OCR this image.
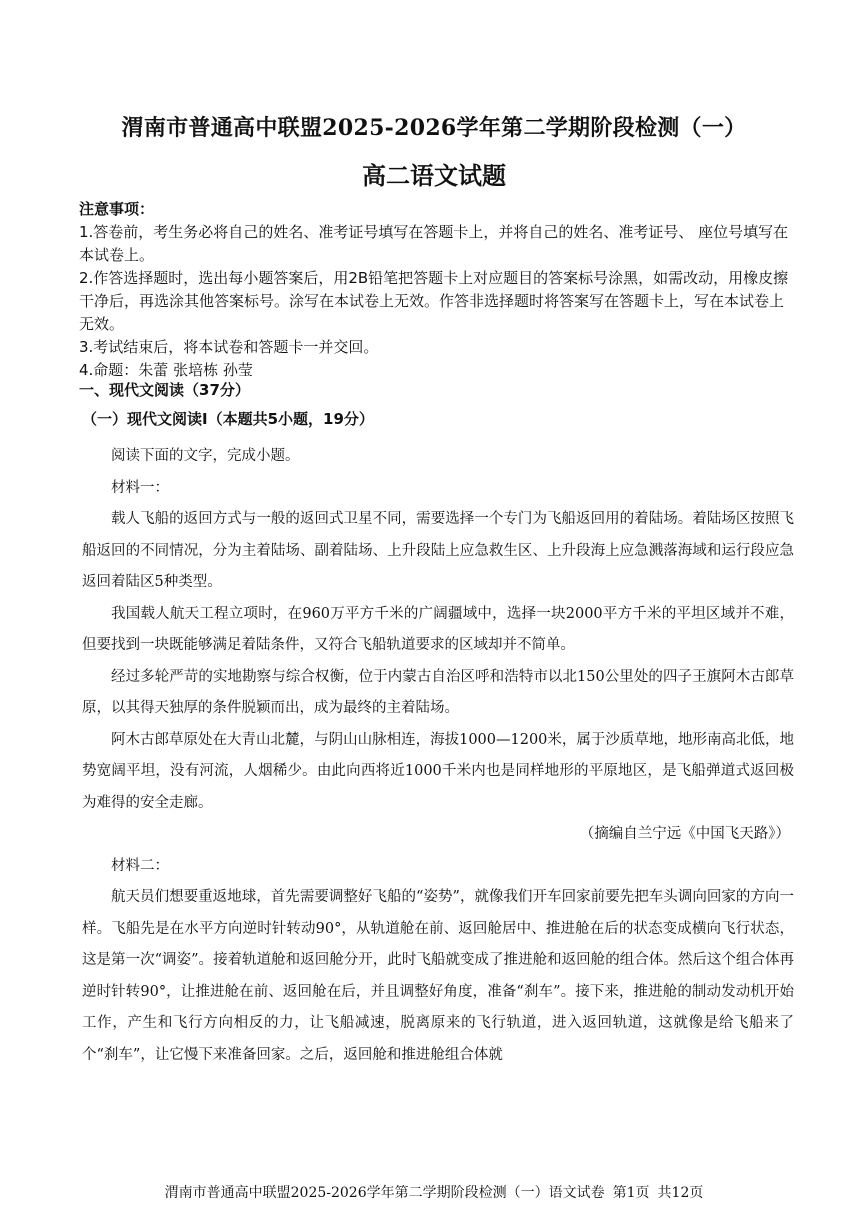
渭南市普通高中联盟2025-2026学年第二学期阶段检测（一）
高二语文试题

注意事项：

1.答卷前，考生务必将自己的姓名、准考证号填写在答题卡上，并将自己的姓名、准考证号、 座位号填写在本试卷上。

2.作答选择题时，选出每小题答案后，用2B铅笔把答题卡上对应题目的答案标号涂黑，如需改动，用橡皮擦干净后，再选涂其他答案标号。涂写在本试卷上无效。作答非选择题时将答案写在答题卡上，写在本试卷上无效。

3.考试结束后，将本试卷和答题卡一并交回。

4.命题：朱蕾 张培栋 孙莹

一、现代文阅读（37分）
（一）现代文阅读Ⅰ（本题共5小题，19分）

阅读下面的文字，完成小题。

材料一：

载人飞船的返回方式与一般的返回式卫星不同，需要选择一个专门为飞船返回用的着陆场。着陆场区按照飞船返回的不同情况，分为主着陆场、副着陆场、上升段陆上应急救生区、上升段海上应急溅落海域和运行段应急返回着陆区5种类型。

我国载人航天工程立项时，在960万平方千米的广阔疆域中，选择一块2000平方千米的平坦区域并不难，但要找到一块既能够满足着陆条件，又符合飞船轨道要求的区域却并不简单。

经过多轮严苛的实地勘察与综合权衡，位于内蒙古自治区呼和浩特市以北150公里处的四子王旗阿木古郎草原，以其得天独厚的条件脱颖而出，成为最终的主着陆场。

阿木古郎草原处在大青山北麓，与阴山山脉相连，海拔1000—1200米，属于沙质草地，地形南高北低，地势宽阔平坦，没有河流，人烟稀少。由此向西将近1000千米内也是同样地形的平原地区，是飞船弹道式返回极为难得的安全走廊。

（摘编自兰宁远《中国飞天路》）

材料二：

航天员们想要重返地球，首先需要调整好飞船的“姿势”，就像我们开车回家前要先把车头调向回家的方向一样。飞船先是在水平方向逆时针转动90°，从轨道舱在前、返回舱居中、推进舱在后的状态变成横向飞行状态，这是第一次“调姿”。接着轨道舱和返回舱分开，此时飞船就变成了推进舱和返回舱的组合体。然后这个组合体再逆时针转90°，让推进舱在前、返回舱在后，并且调整好角度，准备“刹车”。接下来，推进舱的制动发动机开始工作，产生和飞行方向相反的力，让飞船减速，脱离原来的飞行轨道，进入返回轨道，这就像是给飞船来了个“刹车”，让它慢下来准备回家。之后，返回舱和推进舱组合体就

渭南市普通高中联盟2025-2026学年第二学期阶段检测（一）语文试卷 第1页 共12页
